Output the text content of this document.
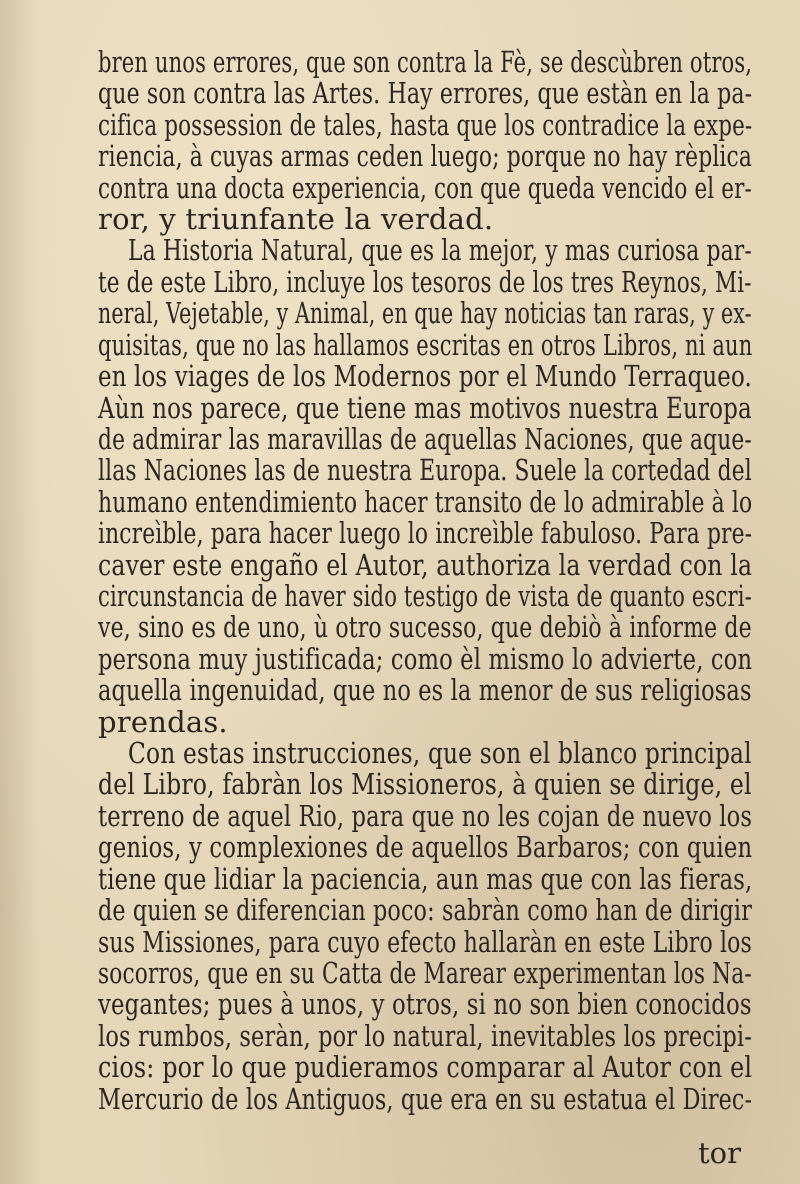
bren unos errores, que son contra la Fè, se descùbren otros,
que son contra las Artes. Hay errores, que estàn en la pa-
cifica possession de tales, hasta que los contradice la expe-
riencia, à cuyas armas ceden luego; porque no hay rèplica
contra una docta experiencia, con que queda vencido el er-
ror, y triunfante la verdad.
La Historia Natural, que es la mejor, y mas curiosa par-
te de este Libro, incluye los tesoros de los tres Reynos, Mi-
neral, Vejetable, y Animal, en que hay noticias tan raras, y ex-
quisitas, que no las hallamos escritas en otros Libros, ni aun
en los viages de los Modernos por el Mundo Terraqueo.
Aùn nos parece, que tiene mas motivos nuestra Europa
de admirar las maravillas de aquellas Naciones, que aque-
llas Naciones las de nuestra Europa. Suele la cortedad del
humano entendimiento hacer transito de lo admirable à lo
increìble, para hacer luego lo increìble fabuloso. Para pre-
caver este engaño el Autor, authoriza la verdad con la
circunstancia de haver sido testigo de vista de quanto escri-
ve, sino es de uno, ù otro sucesso, que debiò à informe de
persona muy justificada; como èl mismo lo advierte, con
aquella ingenuidad, que no es la menor de sus religiosas
prendas.
Con estas instrucciones, que son el blanco principal
del Libro, fabràn los Missioneros, à quien se dirige, el
terreno de aquel Rio, para que no les cojan de nuevo los
genios, y complexiones de aquellos Barbaros; con quien
tiene que lidiar la paciencia, aun mas que con las fieras,
de quien se diferencian poco: sabràn como han de dirigir
sus Missiones, para cuyo efecto hallaràn en este Libro los
socorros, que en su Catta de Marear experimentan los Na-
vegantes; pues à unos, y otros, si no son bien conocidos
los rumbos, seràn, por lo natural, inevitables los precipi-
cios: por lo que pudieramos comparar al Autor con el
Mercurio de los Antiguos, que era en su estatua el Direc-
tor
